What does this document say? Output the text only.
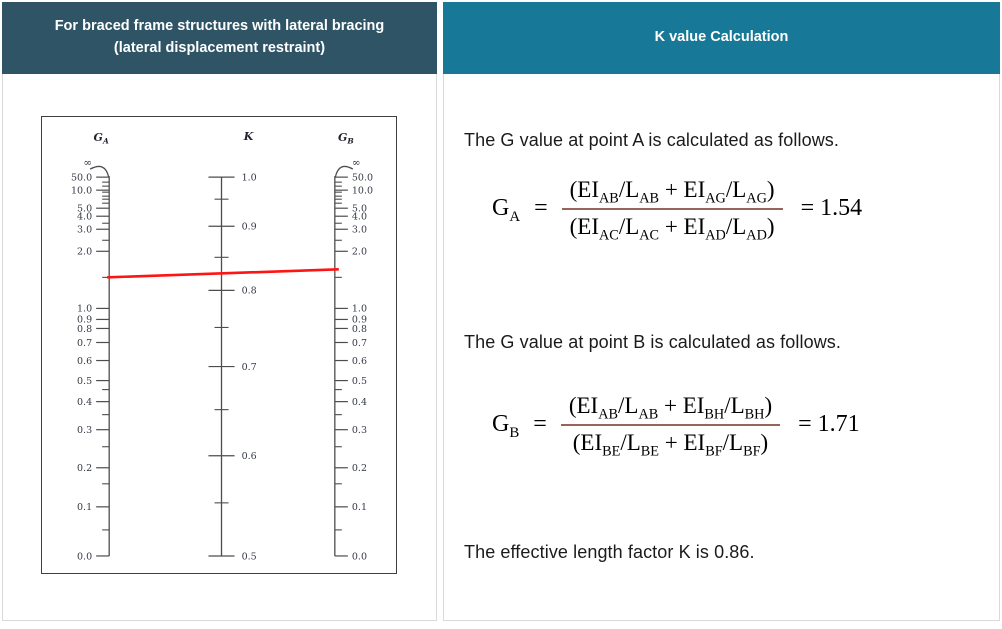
For braced frame structures with lateral bracing
(lateral displacement restraint)
∞
50.0
10.0
5.0
4.0
3.0
2.0
1.0
0.9
0.8
0.7
0.6
0.5
0.4
0.3
0.2
0.1
0.0
$G_A$
1.0
0.9
0.8
0.7
0.6
0.5
K
∞
50.0
10.0
5.0
4.0
3.0
2.0
1.0
0.9
0.8
0.7
0.6
0.5
0.4
0.3
0.2
0.1
0.0
$G_B$
K value Calculation

The G value at point A is calculated as follows.

$G_A = \frac{(EI_{AB}/L_{AB} + EI_{AG}/L_{AG})}{(EI_{AC}/L_{AC} + EI_{AD}/L_{AD})} = 1.54$

The G value at point B is calculated as follows.

$G_B = \frac{(EI_{AB}/L_{AB} + EI_{BH}/L_{BH})}{(EI_{BE}/L_{BE} + EI_{BF}/L_{BF})} = 1.71$

The effective length factor K is 0.86.
